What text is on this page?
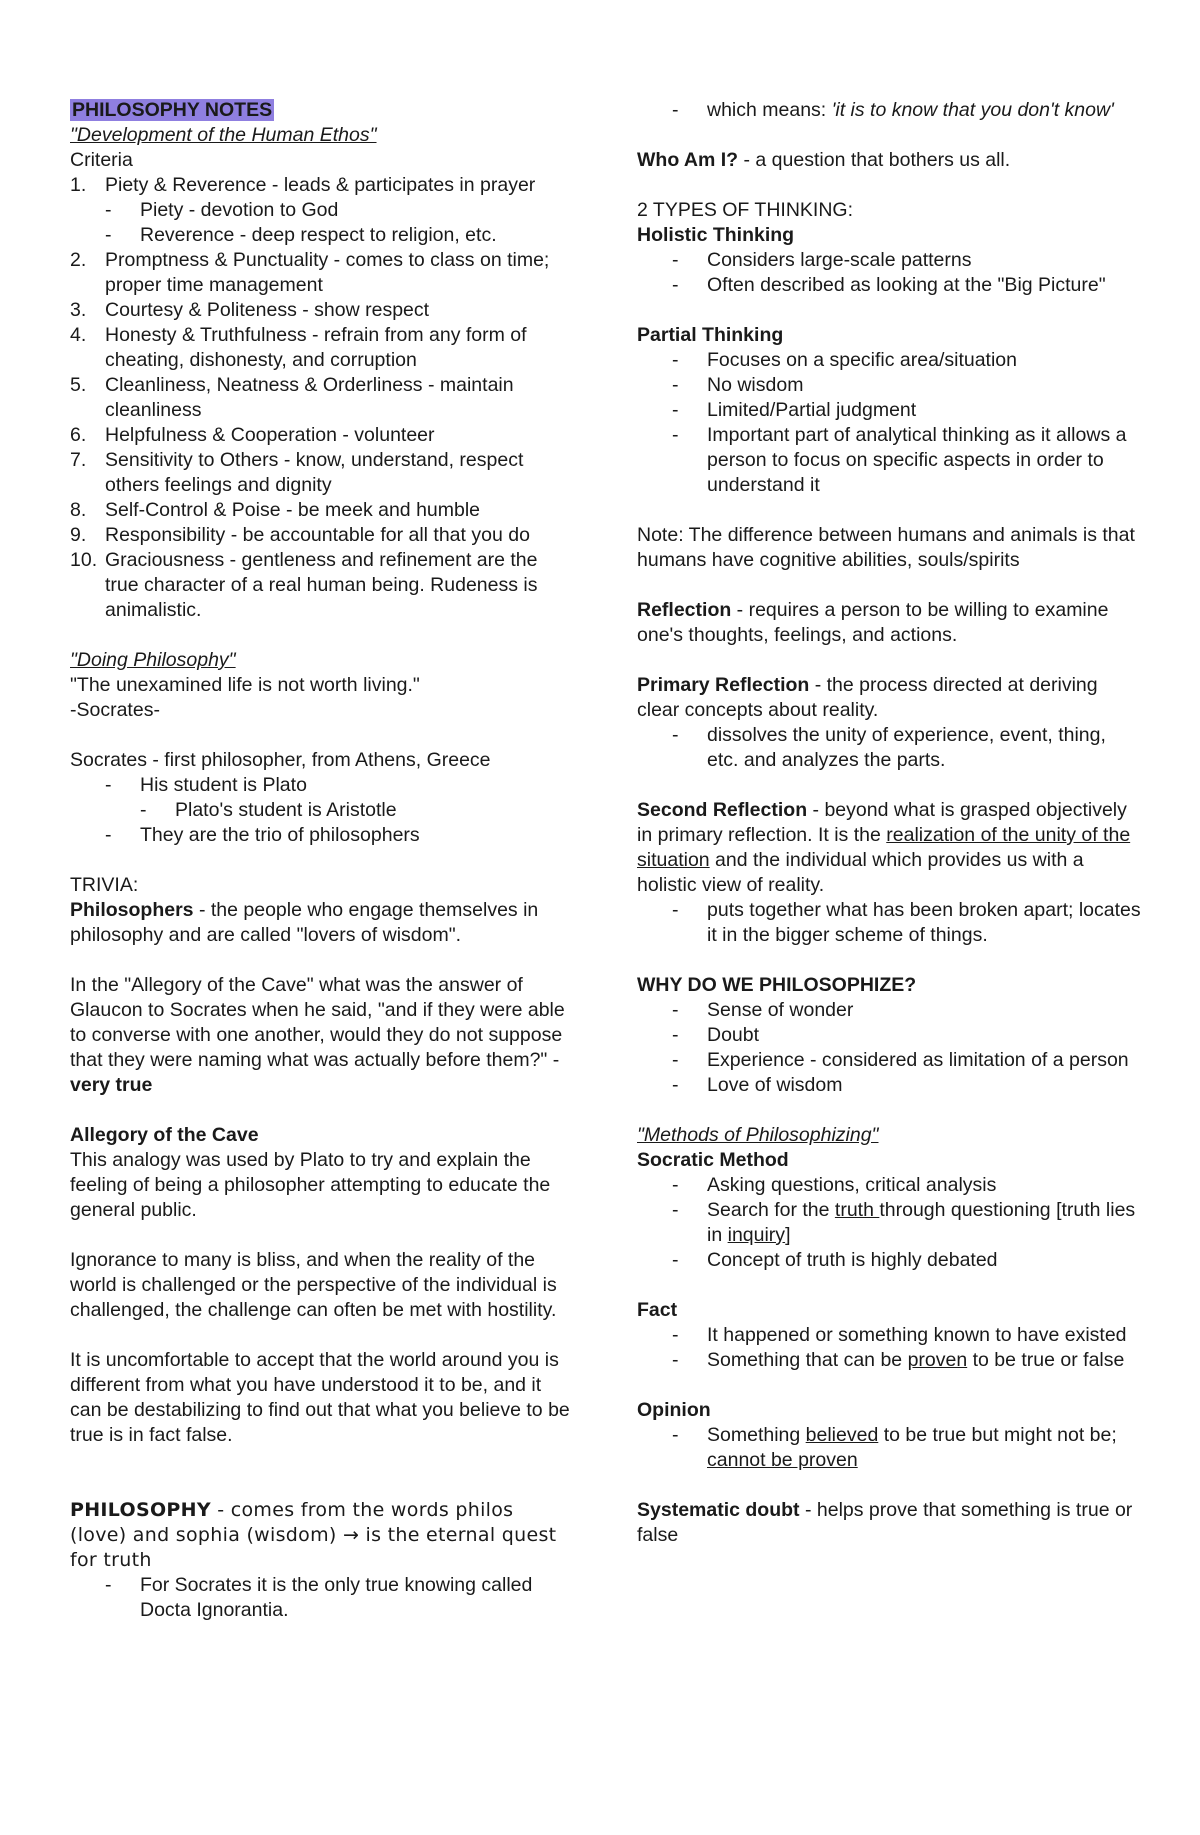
PHILOSOPHY NOTES

"Development of the Human Ethos"

Criteria

1. Piety & Reverence - leads & participates in prayer
- Piety - devotion to God
- Reverence - deep respect to religion, etc.
2. Promptness & Punctuality - comes to class on time; proper time management
3. Courtesy & Politeness - show respect
4. Honesty & Truthfulness - refrain from any form of cheating, dishonesty, and corruption
5. Cleanliness, Neatness & Orderliness - maintain cleanliness
6. Helpfulness & Cooperation - volunteer
7. Sensitivity to Others - know, understand, respect others feelings and dignity
8. Self-Control & Poise - be meek and humble
9. Responsibility - be accountable for all that you do
10. Graciousness - gentleness and refinement are the true character of a real human being. Rudeness is animalistic.

"Doing Philosophy"

"The unexamined life is not worth living."

-Socrates-

Socrates - first philosopher, from Athens, Greece

- His student is Plato
- Plato's student is Aristotle
- They are the trio of philosophers

TRIVIA:

Philosophers - the people who engage themselves in philosophy and are called "lovers of wisdom".

In the "Allegory of the Cave" what was the answer of Glaucon to Socrates when he said, "and if they were able to converse with one another, would they do not suppose that they were naming what was actually before them?" - very true

Allegory of the Cave

This analogy was used by Plato to try and explain the feeling of being a philosopher attempting to educate the general public.

Ignorance to many is bliss, and when the reality of the world is challenged or the perspective of the individual is challenged, the challenge can often be met with hostility.

It is uncomfortable to accept that the world around you is different from what you have understood it to be, and it can be destabilizing to find out that what you believe to be true is in fact false.

PHILOSOPHY - comes from the words philos (love) and sophia (wisdom) → is the eternal quest for truth

- For Socrates it is the only true knowing called Docta Ignorantia.
- which means: 'it is to know that you don't know'

Who Am I? - a question that bothers us all.

2 TYPES OF THINKING:

Holistic Thinking

- Considers large-scale patterns
- Often described as looking at the "Big Picture"

Partial Thinking

- Focuses on a specific area/situation
- No wisdom
- Limited/Partial judgment
- Important part of analytical thinking as it allows a person to focus on specific aspects in order to understand it

Note: The difference between humans and animals is that humans have cognitive abilities, souls/spirits

Reflection - requires a person to be willing to examine one's thoughts, feelings, and actions.

Primary Reflection - the process directed at deriving clear concepts about reality.

- dissolves the unity of experience, event, thing, etc. and analyzes the parts.

Second Reflection - beyond what is grasped objectively in primary reflection. It is the realization of the unity of the situation and the individual which provides us with a holistic view of reality.

- puts together what has been broken apart; locates it in the bigger scheme of things.

WHY DO WE PHILOSOPHIZE?

- Sense of wonder
- Doubt
- Experience - considered as limitation of a person
- Love of wisdom

"Methods of Philosophizing"

Socratic Method

- Asking questions, critical analysis
- Search for the truth through questioning [truth lies in inquiry]
- Concept of truth is highly debated

Fact

- It happened or something known to have existed
- Something that can be proven to be true or false

Opinion

- Something believed to be true but might not be; cannot be proven

Systematic doubt - helps prove that something is true or false
